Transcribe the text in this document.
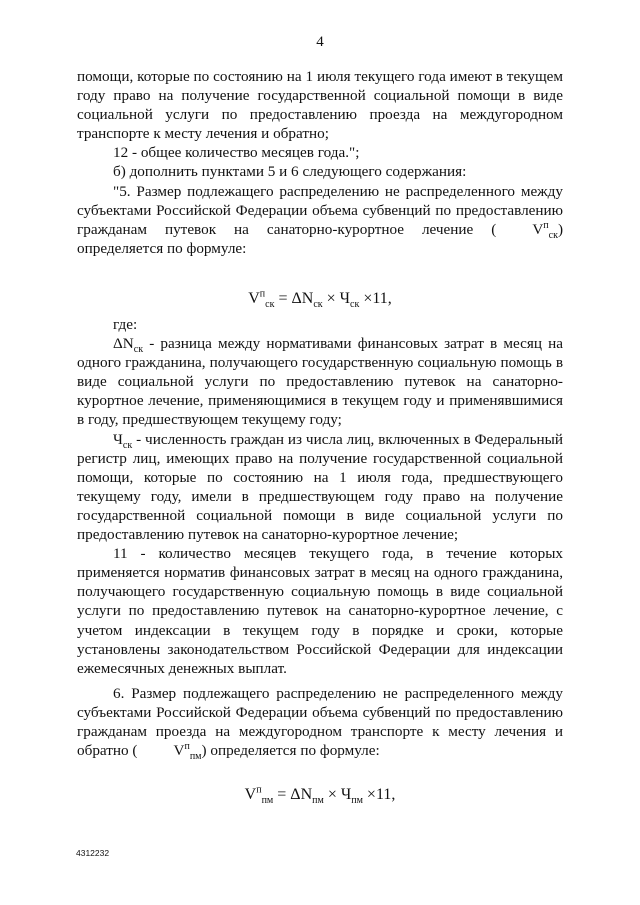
4

помощи, которые по состоянию на 1 июля текущего года имеют в текущем году право на получение государственной социальной помощи в виде социальной услуги по предоставлению проезда на междугородном транспорте к месту лечения и обратно;

12 - общее количество месяцев года.";

б) дополнить пунктами 5 и 6 следующего содержания:

"5. Размер подлежащего распределению не распределенного между субъектами Российской Федерации объема субвенций по предоставлению гражданам путевок на санаторно-курортное лечение ( $V^п_{ск}$) определяется по формуле:

$V^п_{ск} = \Delta N_{ск} \times Ч_{ск} \times 11$,

где:

$\Delta N_{ск}$ - разница между нормативами финансовых затрат в месяц на одного гражданина, получающего государственную социальную помощь в виде социальной услуги по предоставлению путевок на санаторно-курортное лечение, применяющимися в текущем году и применявшимися в году, предшествующем текущему году;

$Ч_{ск}$ - численность граждан из числа лиц, включенных в Федеральный регистр лиц, имеющих право на получение государственной социальной помощи, которые по состоянию на 1 июля года, предшествующего текущему году, имели в предшествующем году право на получение государственной социальной помощи в виде социальной услуги по предоставлению путевок на санаторно-курортное лечение;

11 - количество месяцев текущего года, в течение которых применяется норматив финансовых затрат в месяц на одного гражданина, получающего государственную социальную помощь в виде социальной услуги по предоставлению путевок на санаторно-курортное лечение, с учетом индексации в текущем году в порядке и сроки, которые установлены законодательством Российской Федерации для индексации ежемесячных денежных выплат.

6. Размер подлежащего распределению не распределенного между субъектами Российской Федерации объема субвенций по предоставлению гражданам проезда на междугородном транспорте к месту лечения и обратно ( $V^п_{пм}$) определяется по формуле:

$V^п_{пм} = \Delta N_{пм} \times Ч_{пм} \times 11$,
4312232
